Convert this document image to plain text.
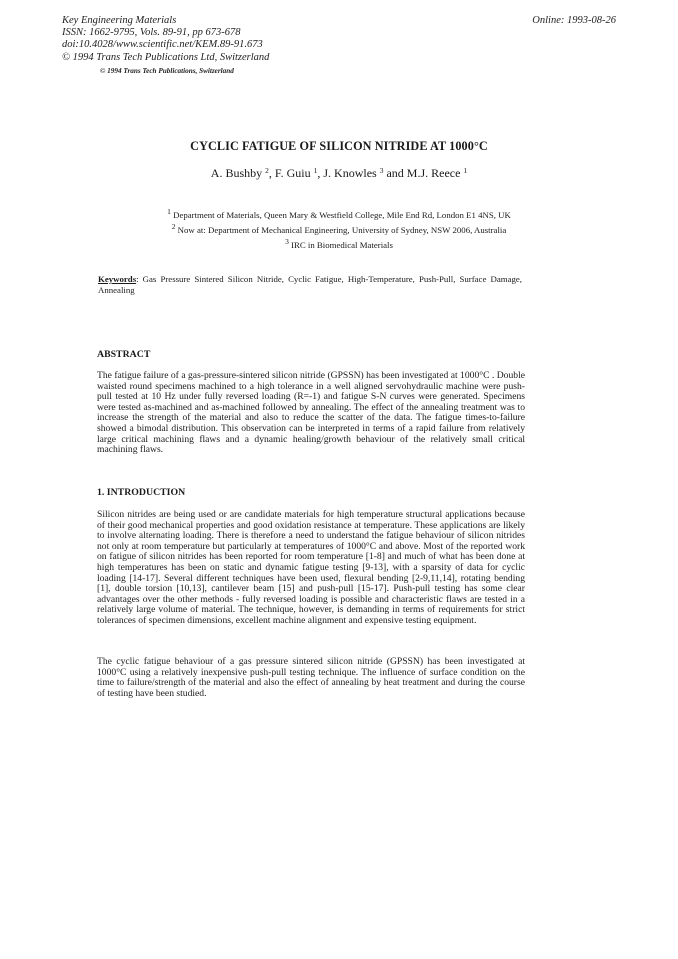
Key Engineering Materials
ISSN: 1662-9795, Vols. 89-91, pp 673-678
doi:10.4028/www.scientific.net/KEM.89-91.673
© 1994 Trans Tech Publications Ltd, Switzerland
Online: 1993-08-26
© 1994 Trans Tech Publications, Switzerland
CYCLIC FATIGUE OF SILICON NITRIDE AT 1000°C
A. Bushby $^2$, F. Guiu $^1$, J. Knowles $^3$ and M.J. Reece $^1$
$^1$ Department of Materials, Queen Mary & Westfield College, Mile End Rd, London E1 4NS, UK
$^2$ Now at: Department of Mechanical Engineering, University of Sydney, NSW 2006, Australia
$^3$ IRC in Biomedical Materials
Keywords: Gas Pressure Sintered Silicon Nitride, Cyclic Fatigue, High-Temperature, Push-Pull, Surface Damage, Annealing
ABSTRACT
The fatigue failure of a gas-pressure-sintered silicon nitride (GPSSN) has been investigated at 1000°C . Double waisted round specimens machined to a high tolerance in a well aligned servohydraulic machine were push-pull tested at 10 Hz under fully reversed loading (R=-1) and fatigue S-N curves were generated. Specimens were tested as-machined and as-machined followed by annealing. The effect of the annealing treatment was to increase the strength of the material and also to reduce the scatter of the data. The fatigue times-to-failure showed a bimodal distribution. This observation can be interpreted in terms of a rapid failure from relatively large critical machining flaws and a dynamic healing/growth behaviour of the relatively small critical machining flaws.
1. INTRODUCTION
Silicon nitrides are being used or are candidate materials for high temperature structural applications because of their good mechanical properties and good oxidation resistance at temperature. These applications are likely to involve alternating loading. There is therefore a need to understand the fatigue behaviour of silicon nitrides not only at room temperature but particularly at temperatures of 1000°C and above. Most of the reported work on fatigue of silicon nitrides has been reported for room temperature [1-8] and much of what has been done at high temperatures has been on static and dynamic fatigue testing [9-13], with a sparsity of data for cyclic loading [14-17]. Several different techniques have been used, flexural bending [2-9,11,14], rotating bending [1], double torsion [10,13], cantilever beam [15] and push-pull [15-17]. Push-pull testing has some clear advantages over the other methods - fully reversed loading is possible and characteristic flaws are tested in a relatively large volume of material. The technique, however, is demanding in terms of requirements for strict tolerances of specimen dimensions, excellent machine alignment and expensive testing equipment.
The cyclic fatigue behaviour of a gas pressure sintered silicon nitride (GPSSN) has been investigated at 1000°C using a relatively inexpensive push-pull testing technique. The influence of surface condition on the time to failure/strength of the material and also the effect of annealing by heat treatment and during the course of testing have been studied.
